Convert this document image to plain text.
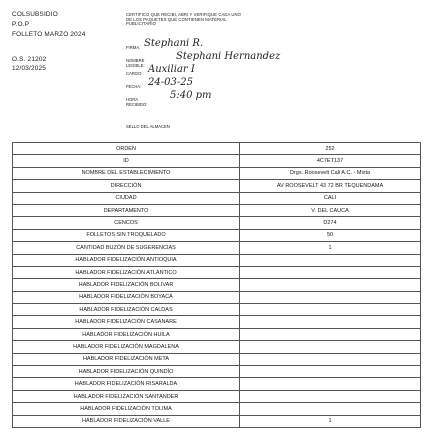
COLSUBSIDIO
P.O.P
FOLLETO MARZO 2024
O.S. 21202
12/03/2025
CERTIFICO QUE RECIBI, ABRI Y VERIFIQUE CADA UNO DE LOS PAQUETES QUE CONTIENEN MATERIAL PUBLICITARIO
FIRMA: Stephani R.
NOMBRE LEGIBLE:
Stephani Hernandez
CARGO: Auxiliar I
FECHA: 24-03-25
HORA RECIBIDO:
5:40 pm
SELLO DEL ALMACEN
ORDEN	252
ID	4C7ET137
NOMBRE DEL ESTABLECIMIENTO	Drgs. Roosevelt Cali A.C. - Mixta
DIRECCIÓN	AV ROOSEVELT 43 72 BR TEQUENDAMA
CIUDAD	CALI
DEPARTAMENTO	V. DEL CAUCA
CENCOS	D274
FOLLETOS SIN TROQUELADO	50
CANTIDAD BUZÓN DE SUGERENCIAS	1
HABLADOR FIDELIZACIÓN ANTIOQUIA	
HABLADOR FIDELIZACIÓN ATLÁNTICO	
HABLADOR FIDELIZACIÓN BOLIVAR	
HABLADOR FIDELIZACIÓN BOYACÁ	
HABLADOR FIDELIZACIÓN CALDAS	
HABLADOR FIDELIZACIÓN CASANARE	
HABLADOR FIDELIZACIÓN HUILA	
HABLADOR FIDELIZACIÓN MAGDALENA	
HABLADOR FIDELIZACIÓN META	
HABLADOR FIDELIZACIÓN QUINDÍO	
HABLADOR FIDELIZACIÓN RISARALDA	
HABLADOR FIDELIZACIÓN SANTANDER	
HABLADOR FIDELIZACIÓN TOLIMA	
HABLADOR FIDELIZACIÓN VALLE	1
